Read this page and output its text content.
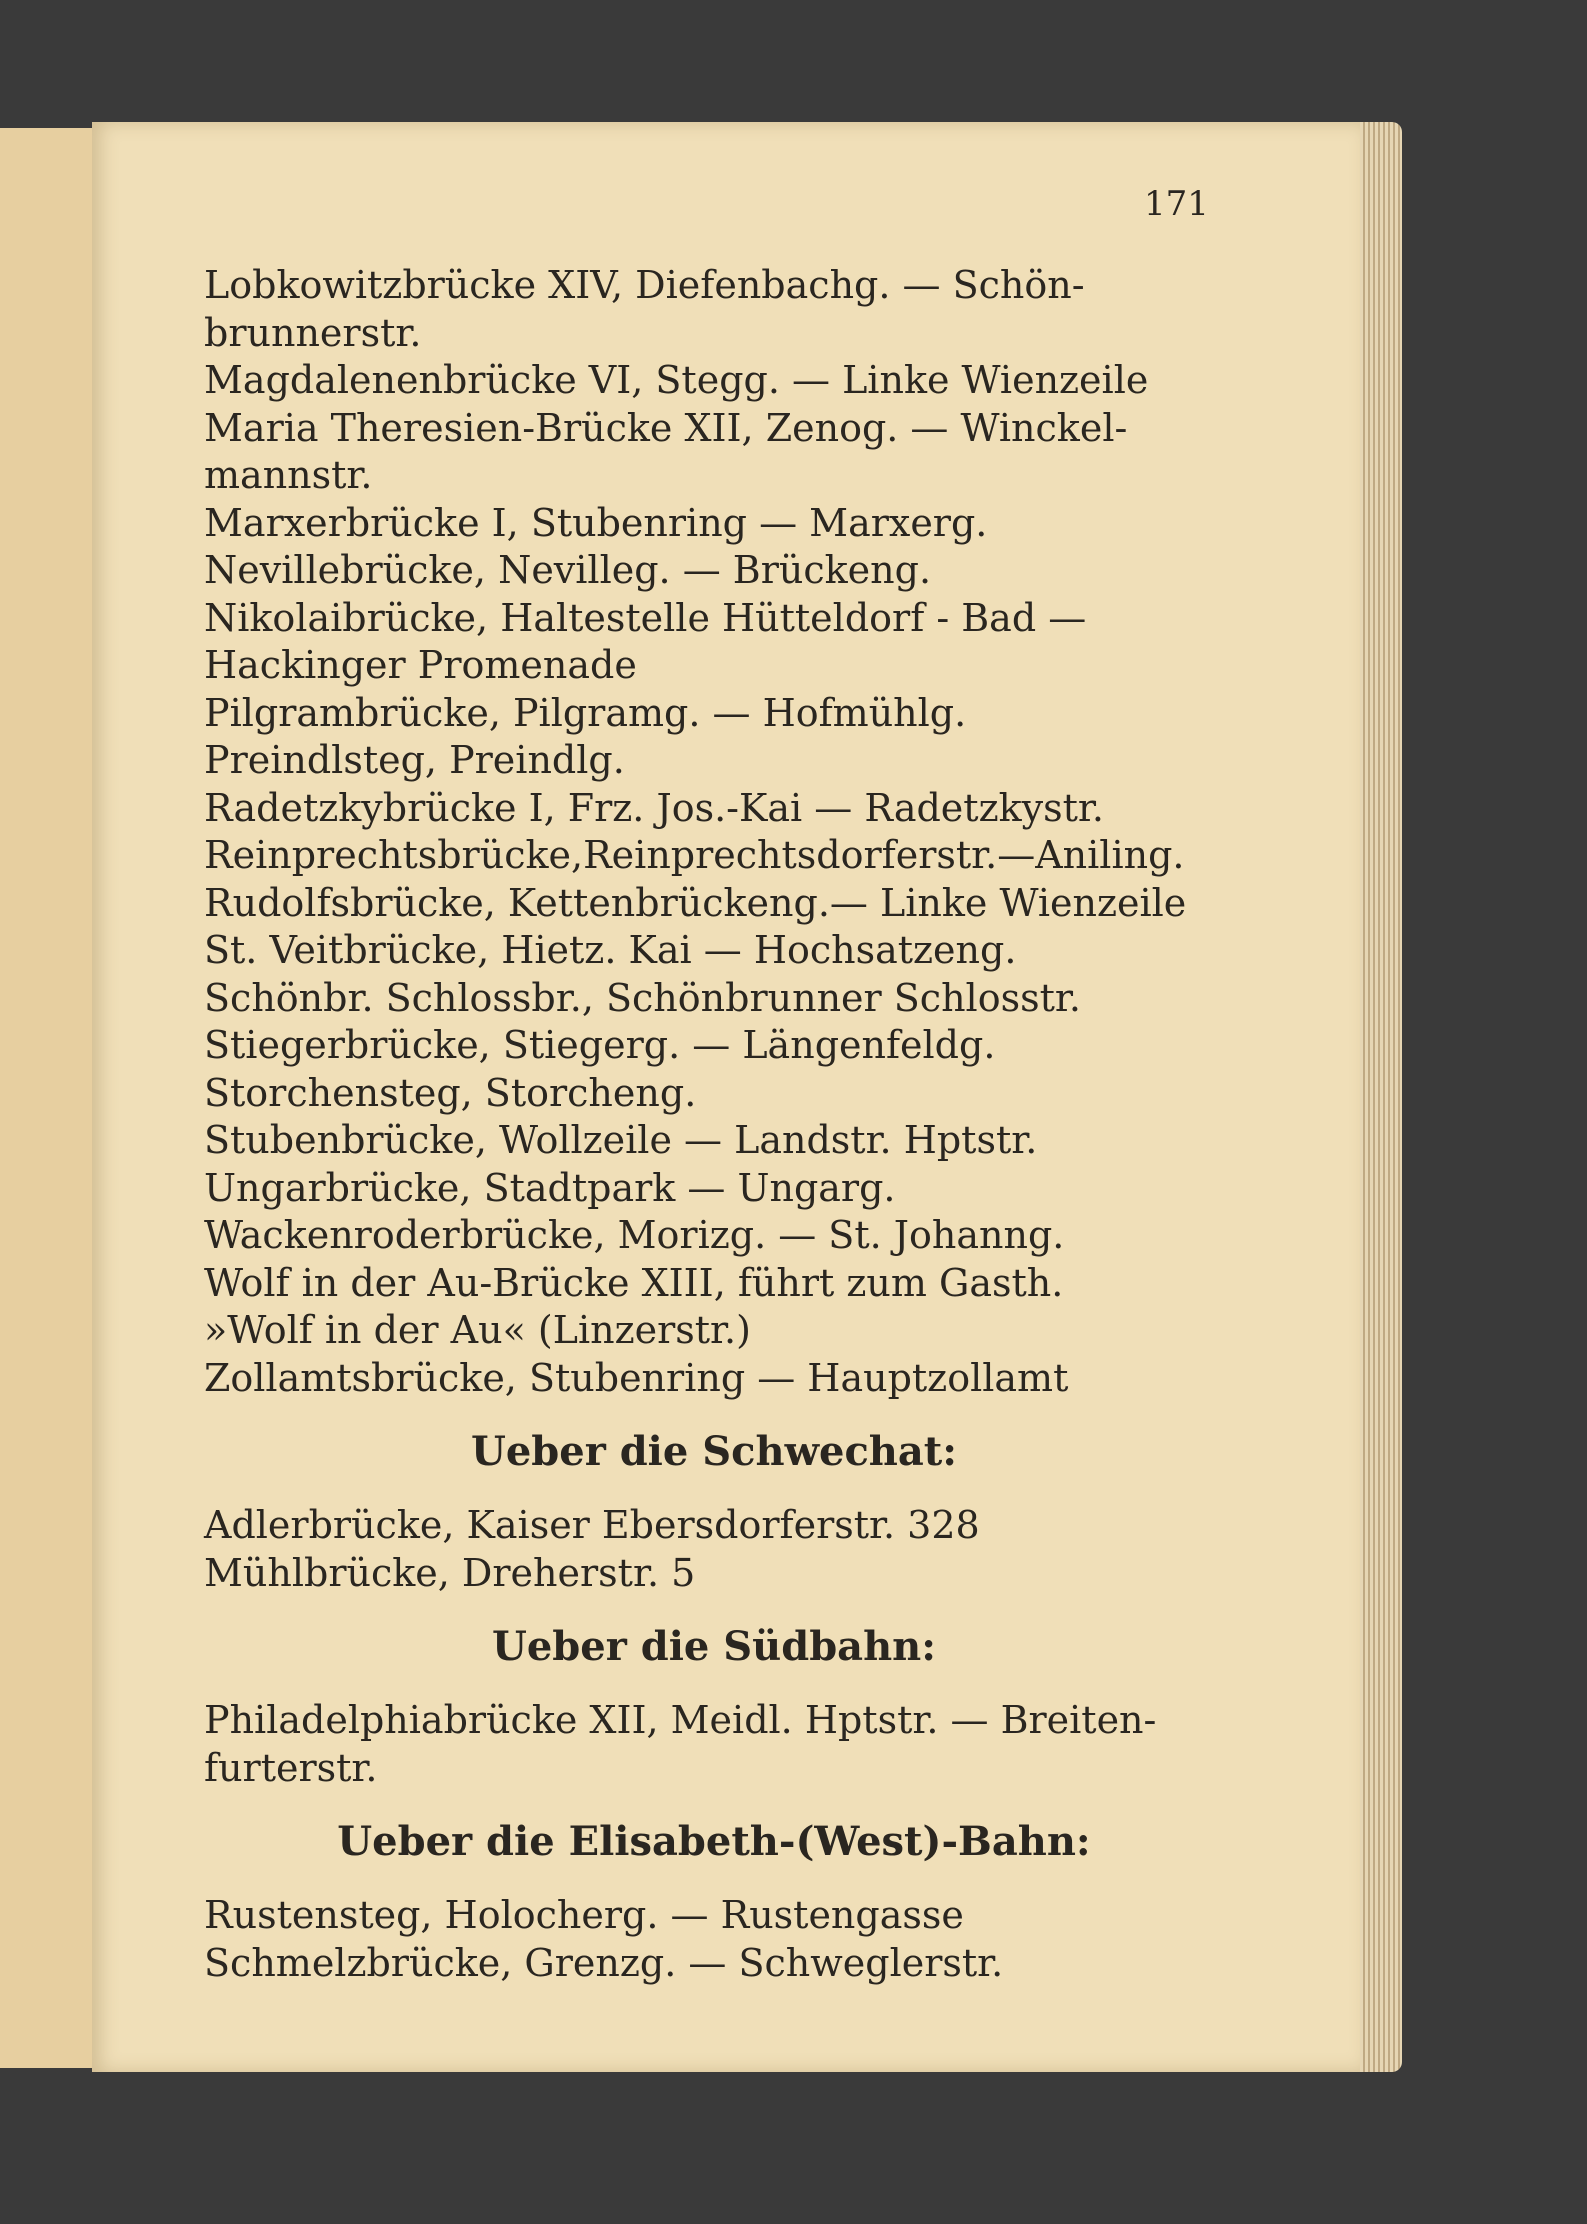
171
Lobkowitzbrücke XIV, Diefenbachg. — Schön-
brunnerstr.
Magdalenenbrücke VI, Stegg. — Linke Wienzeile
Maria Theresien-Brücke XII, Zenog. — Winckel-
mannstr.
Marxerbrücke I, Stubenring — Marxerg.
Nevillebrücke, Nevilleg. — Brückeng.
Nikolaibrücke, Haltestelle Hütteldorf - Bad —
Hackinger Promenade
Pilgrambrücke, Pilgramg. — Hofmühlg.
Preindlsteg, Preindlg.
Radetzkybrücke I, Frz. Jos.-Kai — Radetzkystr.
Reinprechtsbrücke,Reinprechtsdorferstr.—Aniling.
Rudolfsbrücke, Kettenbrückeng.— Linke Wienzeile
St. Veitbrücke, Hietz. Kai — Hochsatzeng.
Schönbr. Schlossbr., Schönbrunner Schlosstr.
Stiegerbrücke, Stiegerg. — Längenfeldg.
Storchensteg, Storcheng.
Stubenbrücke, Wollzeile — Landstr. Hptstr.
Ungarbrücke, Stadtpark — Ungarg.
Wackenroderbrücke, Morizg. — St. Johanng.
Wolf in der Au-Brücke XIII, führt zum Gasth.
»Wolf in der Au« (Linzerstr.)
Zollamtsbrücke, Stubenring — Hauptzollamt
Ueber die Schwechat:
Adlerbrücke, Kaiser Ebersdorferstr. 328
Mühlbrücke, Dreherstr. 5
Ueber die Südbahn:
Philadelphiabrücke XII, Meidl. Hptstr. — Breiten-
furterstr.
Ueber die Elisabeth-(West)-Bahn:
Rustensteg, Holocherg. — Rustengasse
Schmelzbrücke, Grenzg. — Schweglerstr.
